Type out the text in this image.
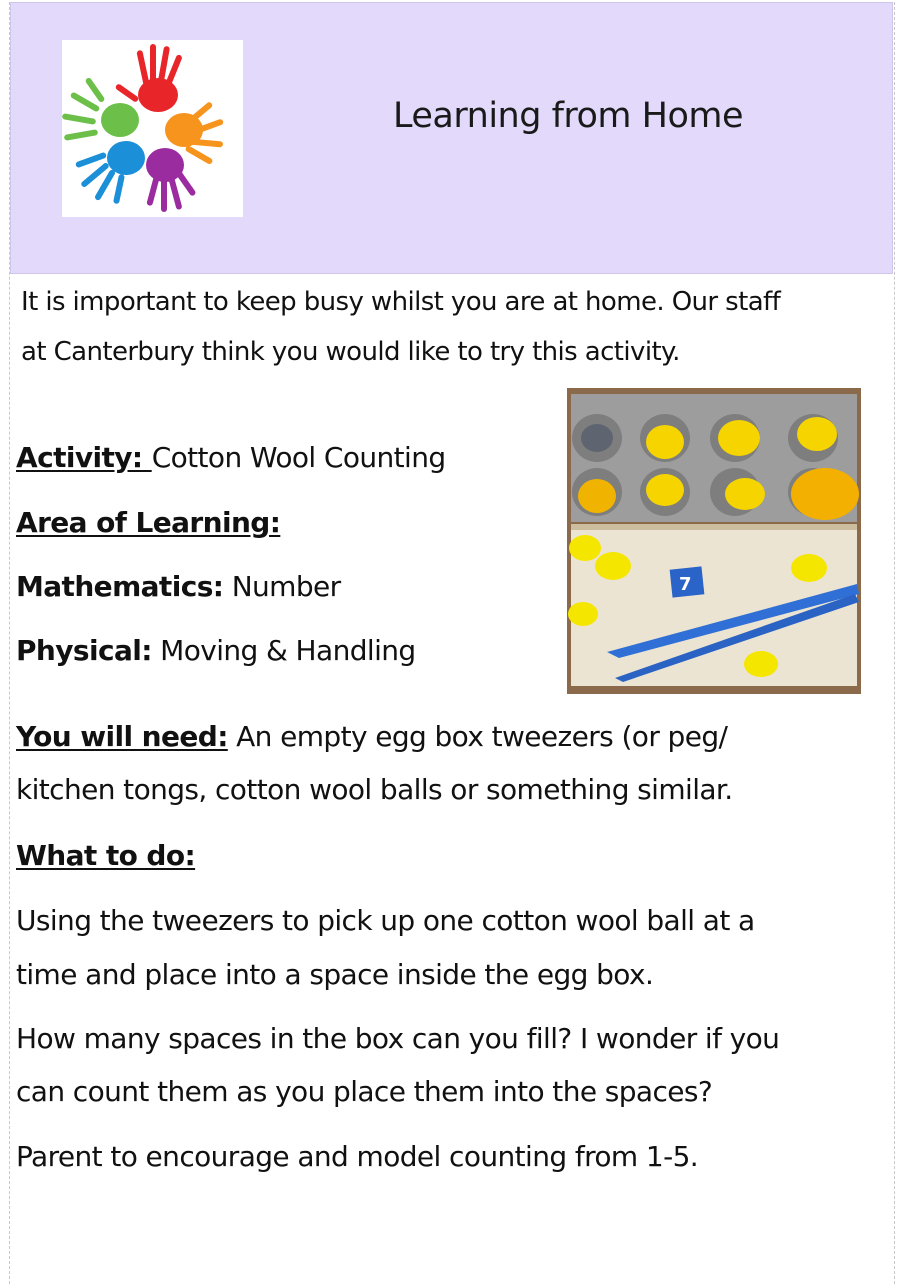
Learning from Home
It is important to keep busy whilst you are at home. Our staff
at Canterbury think you would like to try this activity.
Activity: Cotton Wool Counting
Area of Learning:
Mathematics: Number
Physical: Moving & Handling
7
You will need: An empty egg box tweezers (or peg/
kitchen tongs, cotton wool balls or something similar.
What to do:
Using the tweezers to pick up one cotton wool ball at a
time and place into a space inside the egg box.
How many spaces in the box can you fill? I wonder if you
can count them as you place them into the spaces?
Parent to encourage and model counting from 1-5.
